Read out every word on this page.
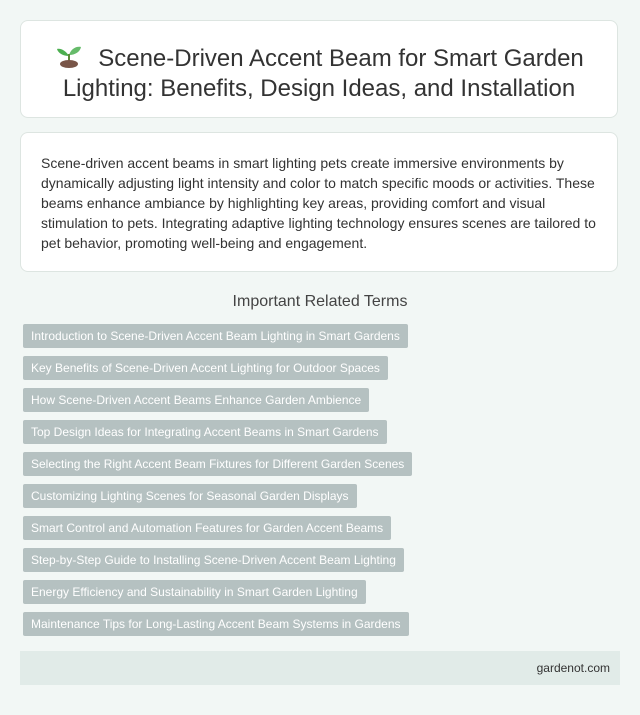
Scene-Driven Accent Beam for Smart Garden Lighting: Benefits, Design Ideas, and Installation

Scene-driven accent beams in smart lighting pets create immersive environments by dynamically adjusting light intensity and color to match specific moods or activities. These beams enhance ambiance by highlighting key areas, providing comfort and visual stimulation to pets. Integrating adaptive lighting technology ensures scenes are tailored to pet behavior, promoting well-being and engagement.

Important Related Terms
Introduction to Scene-Driven Accent Beam Lighting in Smart Gardens
Key Benefits of Scene-Driven Accent Lighting for Outdoor Spaces
How Scene-Driven Accent Beams Enhance Garden Ambience
Top Design Ideas for Integrating Accent Beams in Smart Gardens
Selecting the Right Accent Beam Fixtures for Different Garden Scenes
Customizing Lighting Scenes for Seasonal Garden Displays
Smart Control and Automation Features for Garden Accent Beams
Step-by-Step Guide to Installing Scene-Driven Accent Beam Lighting
Energy Efficiency and Sustainability in Smart Garden Lighting
Maintenance Tips for Long-Lasting Accent Beam Systems in Gardens
gardenot.com
